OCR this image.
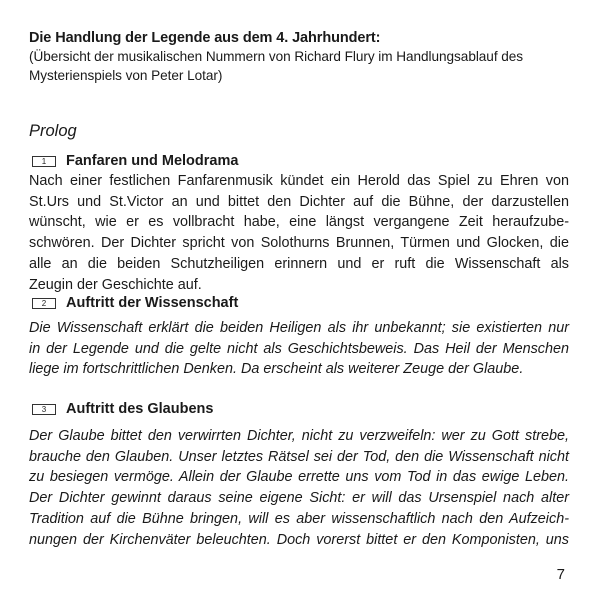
Die Handlung der Legende aus dem 4. Jahrhundert:
(Übersicht der musikalischen Nummern von Richard Flury im Handlungsablauf des
Mysterienspiels von Peter Lotar)
Prolog
1	Fanfaren und Melodrama
Nach einer festlichen Fanfarenmusik kündet ein Herold das Spiel zu Ehren von
St.Urs und St.Victor an und bittet den Dichter auf die Bühne, der darzustellen
wünscht, wie er es vollbracht habe, eine längst vergangene Zeit heraufzube-
schwören. Der Dichter spricht von Solothurns Brunnen, Türmen und Glocken, die
alle an die beiden Schutzheiligen erinnern und er ruft die Wissenschaft als
Zeugin der Geschichte auf.
2	Auftritt der Wissenschaft
Die Wissenschaft erklärt die beiden Heiligen als ihr unbekannt; sie existierten nur
in der Legende und die gelte nicht als Geschichtsbeweis. Das Heil der Menschen
liege im fortschrittlichen Denken. Da erscheint als weiterer Zeuge der Glaube.
3	Auftritt des Glaubens
Der Glaube bittet den verwirrten Dichter, nicht zu verzweifeln: wer zu Gott strebe,
brauche den Glauben. Unser letztes Rätsel sei der Tod, den die Wissenschaft nicht
zu besiegen vermöge. Allein der Glaube errette uns vom Tod in das ewige Leben.
Der Dichter gewinnt daraus seine eigene Sicht: er will das Ursenspiel nach alter
Tradition auf die Bühne bringen, will es aber wissenschaftlich nach den Aufzeich-
nungen der Kirchenväter beleuchten. Doch vorerst bittet er den Komponisten, uns
7
